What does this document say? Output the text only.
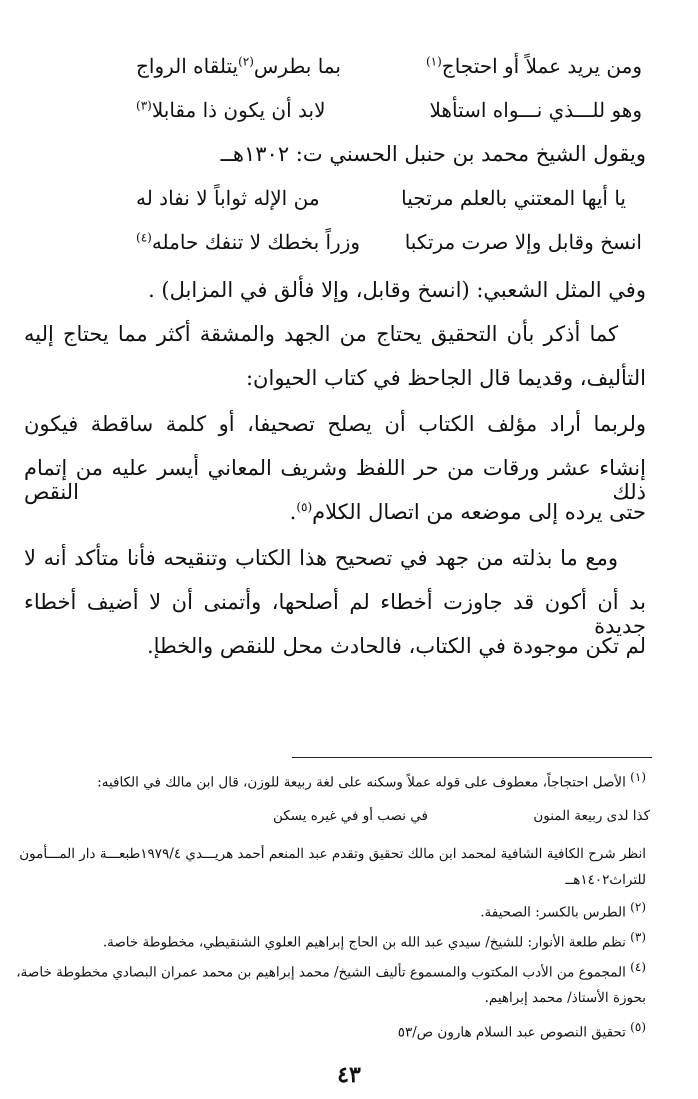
ومن يريد عملاً أو احتجاج$^{(١)}$
بما بطرس$^{(٢)}$يتلقاه الرواج
وهو للـــذي نـــواه استأهلا
لابد أن يكون ذا مقابلا$^{(٣)}$
ويقول الشيخ محمد بن حنبل الحسني ت: ١٣٠٢هــ
يا أيها المعتني بالعلم مرتجيا
من الإله ثواباً لا نفاد له
انسخ وقابل وإلا صرت مرتكبا
وزراً بخطك لا تنفك حامله$^{(٤)}$
وفي المثل الشعبي: (انسخ وقابل، وإلا فألق في المزابل) .
كما أذكر بأن التحقيق يحتاج من الجهد والمشقة أكثر مما يحتاج إليه
التأليف، وقديما قال الجاحظ في كتاب الحيوان:
ولربما أراد مؤلف الكتاب أن يصلح تصحيفا، أو كلمة ساقطة فيكون
إنشاء عشر ورقات من حر اللفظ وشريف المعاني أيسر عليه من إتمام ذلك النقص
حتى يرده إلى موضعه من اتصال الكلام$^{(٥)}$.
ومع ما بذلته من جهد في تصحيح هذا الكتاب وتنقيحه فأنا متأكد أنه لا
بد أن أكون قد جاوزت أخطاء لم أصلحها، وأتمنى أن لا أضيف أخطاء جديدة
لم تكن موجودة في الكتاب، فالحادث محل للنقص والخطإ.
$^{(١)}$ الأصل احتجاجاً، معطوف على قوله عملاً وسكنه على لغة ربيعة للوزن، قال ابن مالك في الكافيه:
كذا لدى ربيعة المنون
في نصب أو في غيره يسكن
انظر شرح الكافية الشافية لمحمد ابن مالك تحقيق وتقدم عبد المنعم أحمد هريـــدي ١٩٧٩/٤طبعـــة دار المـــأمون
للتراث١٤٠٢هــ
$^{(٢)}$ الطرس بالكسر: الصحيفة.
$^{(٣)}$ نظم طلعة الأنوار: للشيخ/ سيدي عبد الله بن الحاج إبراهيم العلوي الشنقيطي، مخطوطة خاصة.
$^{(٤)}$ المجموع من الأدب المكتوب والمسموع تأليف الشيخ/ محمد إبراهيم بن محمد عمران البصادي مخطوطة خاصة،
بحوزة الأستاذ/ محمد إبراهيم.
$^{(٥)}$ تحقيق النصوص عبد السلام هارون ص/٥٣
٤٣
